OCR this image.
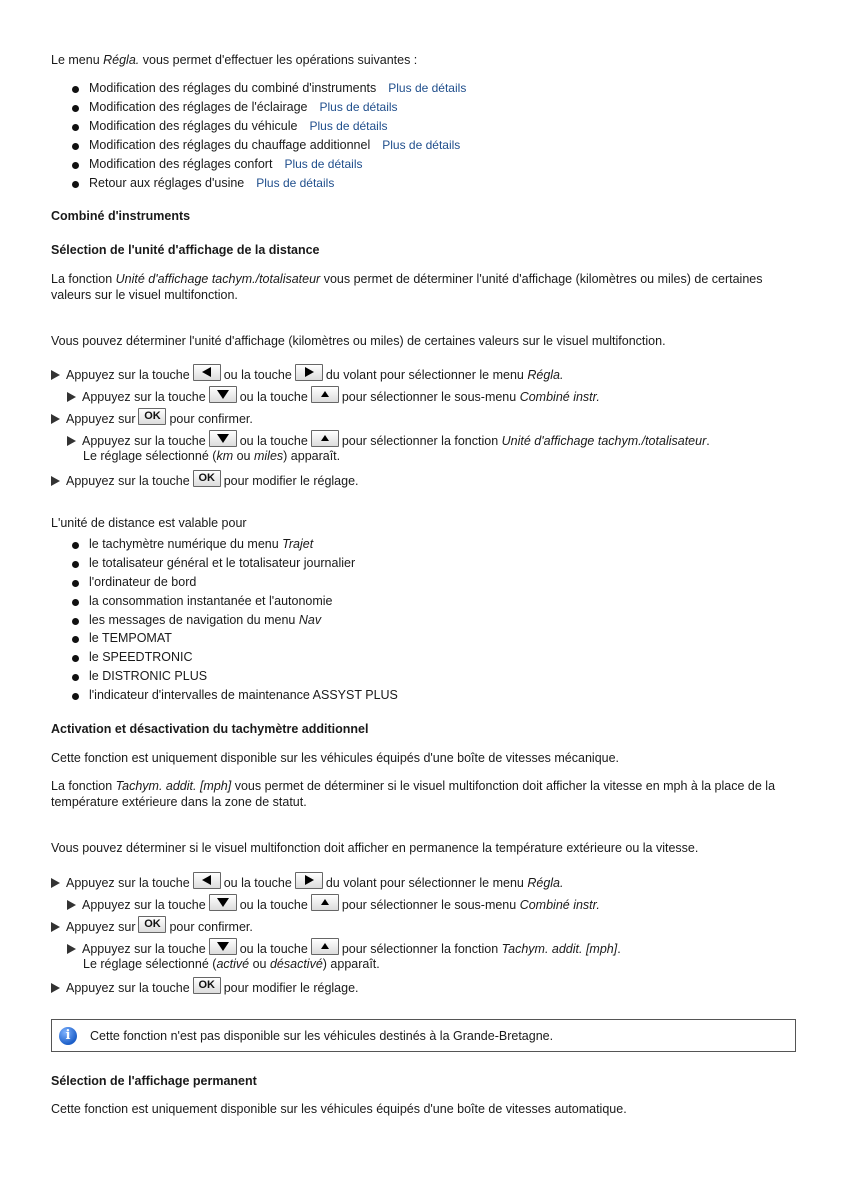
Le menu Régla. vous permet d'effectuer les opérations suivantes :
Modification des réglages du combiné d'instruments Plus de détails
Modification des réglages de l'éclairage Plus de détails
Modification des réglages du véhicule Plus de détails
Modification des réglages du chauffage additionnel Plus de détails
Modification des réglages confort Plus de détails
Retour aux réglages d'usine Plus de détails
Combiné d'instruments
Sélection de l'unité d'affichage de la distance
La fonction Unité d'affichage tachym./totalisateur vous permet de déterminer l'unité d'affichage (kilomètres ou miles) de certaines
valeurs sur le visuel multifonction.
Vous pouvez déterminer l'unité d'affichage (kilomètres ou miles) de certaines valeurs sur le visuel multifonction.
Appuyez sur la touche	ou la touche	du volant pour sélectionner le menu Régla.
Appuyez sur la touche	ou la touche	pour sélectionner le sous-menu Combiné instr.
Appuyez sur OK pour confirmer.
Appuyez sur la touche	ou la touche	pour sélectionner la fonction Unité d'affichage tachym./totalisateur.
Le réglage sélectionné (km ou miles) apparaît.
Appuyez sur la touche OK pour modifier le réglage.
L'unité de distance est valable pour
le tachymètre numérique du menu Trajet
le totalisateur général et le totalisateur journalier
l'ordinateur de bord
la consommation instantanée et l'autonomie
les messages de navigation du menu Nav
le TEMPOMAT
le SPEEDTRONIC
le DISTRONIC PLUS
l'indicateur d'intervalles de maintenance ASSYST PLUS
Activation et désactivation du tachymètre additionnel
Cette fonction est uniquement disponible sur les véhicules équipés d'une boîte de vitesses mécanique.
La fonction Tachym. addit. [mph] vous permet de déterminer si le visuel multifonction doit afficher la vitesse en mph à la place de la
température extérieure dans la zone de statut.
Vous pouvez déterminer si le visuel multifonction doit afficher en permanence la température extérieure ou la vitesse.
Appuyez sur la touche	ou la touche	du volant pour sélectionner le menu Régla.
Appuyez sur la touche	ou la touche	pour sélectionner le sous-menu Combiné instr.
Appuyez sur OK pour confirmer.
Appuyez sur la touche	ou la touche	pour sélectionner la fonction Tachym. addit. [mph].
Le réglage sélectionné (activé ou désactivé) apparaît.
Appuyez sur la touche OK pour modifier le réglage.
i	Cette fonction n'est pas disponible sur les véhicules destinés à la Grande-Bretagne.
Sélection de l'affichage permanent
Cette fonction est uniquement disponible sur les véhicules équipés d'une boîte de vitesses automatique.
